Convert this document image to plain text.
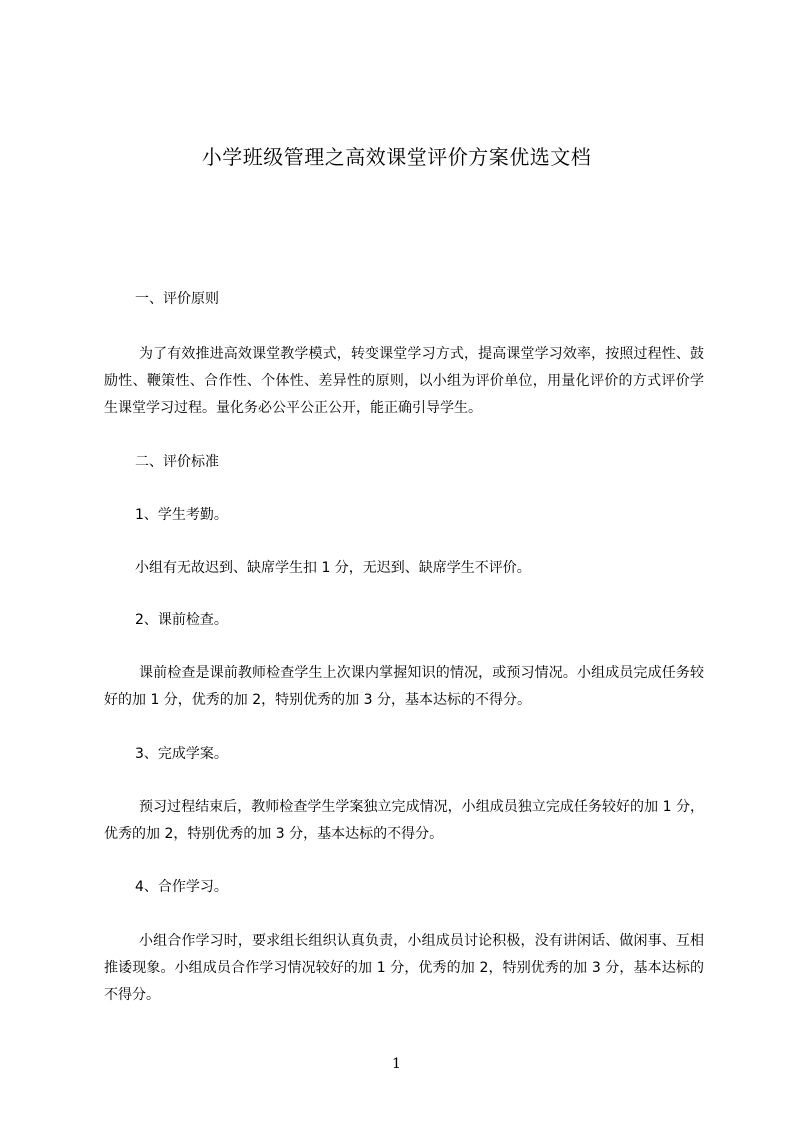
小学班级管理之高效课堂评价方案优选文档
一、评价原则
为了有效推进高效课堂教学模式，转变课堂学习方式，提高课堂学习效率，按照过程性、鼓励性、鞭策性、合作性、个体性、差异性的原则，以小组为评价单位，用量化评价的方式评价学生课堂学习过程。量化务必公平公正公开，能正确引导学生。
二、评价标准
1、学生考勤。
小组有无故迟到、缺席学生扣 1 分，无迟到、缺席学生不评价。
2、课前检查。
课前检查是课前教师检查学生上次课内掌握知识的情况，或预习情况。小组成员完成任务较好的加 1 分，优秀的加 2，特别优秀的加 3 分，基本达标的不得分。
3、完成学案。
预习过程结束后，教师检查学生学案独立完成情况，小组成员独立完成任务较好的加 1 分，优秀的加 2，特别优秀的加 3 分，基本达标的不得分。
4、合作学习。
小组合作学习时，要求组长组织认真负责，小组成员讨论积极，没有讲闲话、做闲事、互相推诿现象。小组成员合作学习情况较好的加 1 分，优秀的加 2，特别优秀的加 3 分，基本达标的不得分。
1
